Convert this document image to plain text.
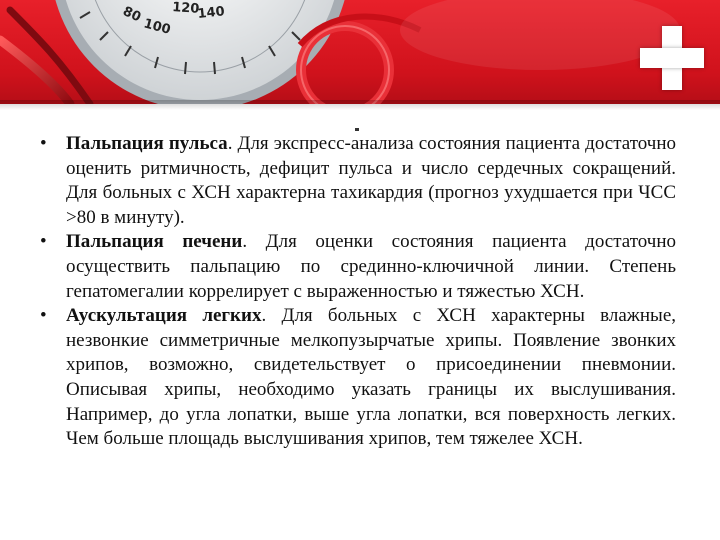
80
100
120
140
• Пальпация пульса. Для экспресс-анализа состояния пациента достаточно оценить ритмичность, дефицит пульса и число сердечных сокращений. Для больных с ХСН характерна тахикардия (прогноз ухудшается при ЧСС >80 в минуту).
• Пальпация печени. Для оценки состояния пациента достаточно осуществить пальпацию по срединно-ключичной линии. Степень гепатомегалии коррелирует с выраженностью и тяжестью ХСН.
• Аускультация легких. Для больных с ХСН характерны влажные, незвонкие симметричные мелкопузырчатые хрипы. Появление звонких хрипов, возможно, свидетельствует о присоединении пневмонии. Описывая хрипы, необходимо указать границы их выслушивания. Например, до угла лопатки, выше угла лопатки, вся поверхность легких. Чем больше площадь выслушивания хрипов, тем тяжелее ХСН.
